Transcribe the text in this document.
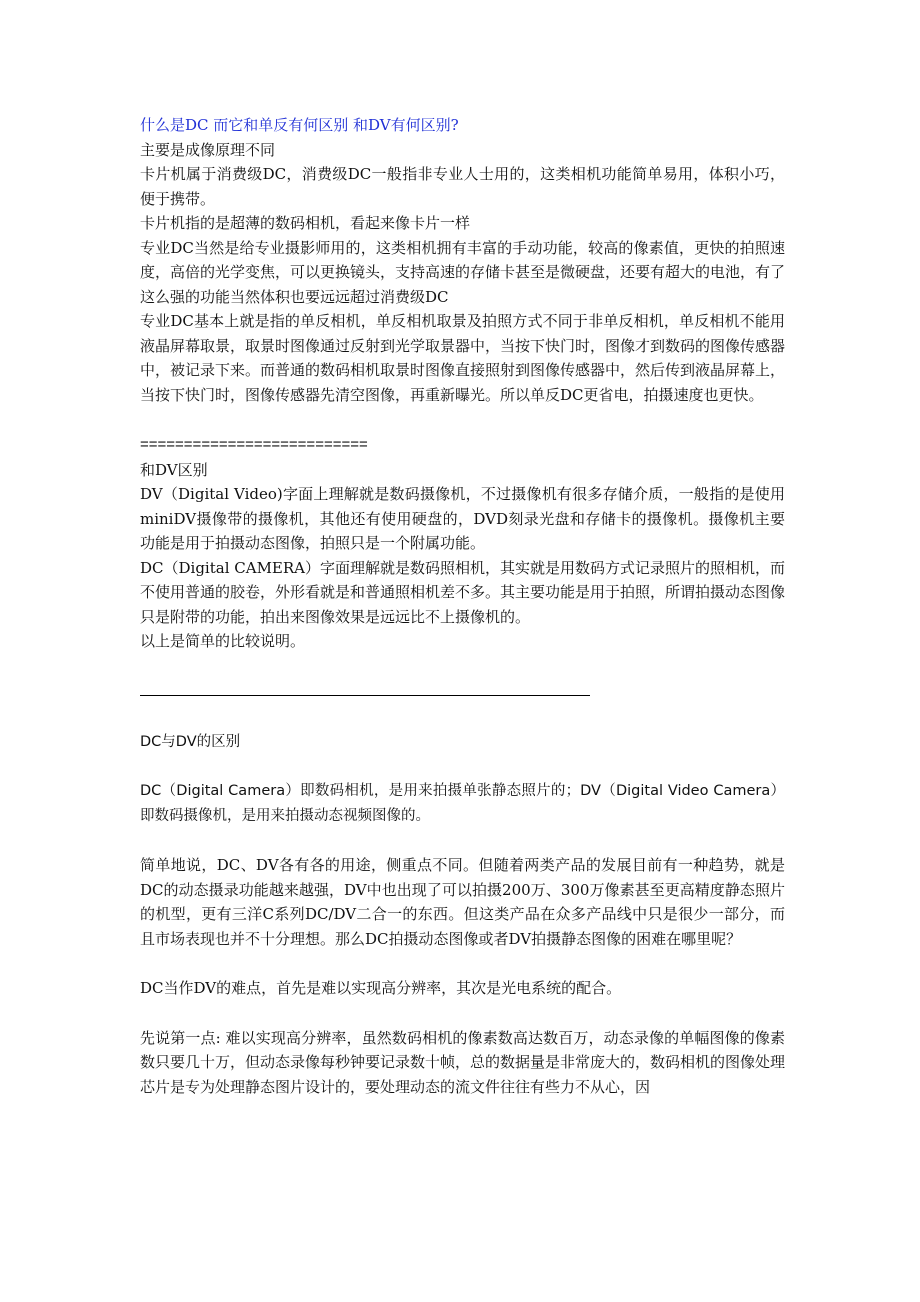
什么是DC 而它和单反有何区别 和DV有何区别?

主要是成像原理不同

卡片机属于消费级DC，消费级DC一般指非专业人士用的，这类相机功能简单易用，体积小巧，便于携带。

卡片机指的是超薄的数码相机，看起来像卡片一样

专业DC当然是给专业摄影师用的，这类相机拥有丰富的手动功能，较高的像素值，更快的拍照速度，高倍的光学变焦，可以更换镜头，支持高速的存储卡甚至是微硬盘，还要有超大的电池，有了这么强的功能当然体积也要远远超过消费级DC

专业DC基本上就是指的单反相机，单反相机取景及拍照方式不同于非单反相机，单反相机不能用液晶屏幕取景，取景时图像通过反射到光学取景器中，当按下快门时，图像才到数码的图像传感器中，被记录下来。而普通的数码相机取景时图像直接照射到图像传感器中，然后传到液晶屏幕上，当按下快门时，图像传感器先清空图像，再重新曝光。所以单反DC更省电，拍摄速度也更快。

==========================

和DV区别

DV（Digital Video)字面上理解就是数码摄像机，不过摄像机有很多存储介质，一般指的是使用miniDV摄像带的摄像机，其他还有使用硬盘的，DVD刻录光盘和存储卡的摄像机。摄像机主要功能是用于拍摄动态图像，拍照只是一个附属功能。

DC（Digital CAMERA）字面理解就是数码照相机，其实就是用数码方式记录照片的照相机，而不使用普通的胶卷，外形看就是和普通照相机差不多。其主要功能是用于拍照，所谓拍摄动态图像只是附带的功能，拍出来图像效果是远远比不上摄像机的。

以上是简单的比较说明。

DC与DV的区别

DC（Digital Camera）即数码相机，是用来拍摄单张静态照片的；DV（Digital Video Camera）即数码摄像机，是用来拍摄动态视频图像的。

简单地说，DC、DV各有各的用途，侧重点不同。但随着两类产品的发展目前有一种趋势，就是DC的动态摄录功能越来越强，DV中也出现了可以拍摄200万、300万像素甚至更高精度静态照片的机型，更有三洋C系列DC/DV二合一的东西。但这类产品在众多产品线中只是很少一部分，而且市场表现也并不十分理想。那么DC拍摄动态图像或者DV拍摄静态图像的困难在哪里呢？

DC当作DV的难点，首先是难以实现高分辨率，其次是光电系统的配合。

先说第一点: 难以实现高分辨率，虽然数码相机的像素数高达数百万，动态录像的单幅图像的像素数只要几十万，但动态录像每秒钟要记录数十帧，总的数据量是非常庞大的，数码相机的图像处理芯片是专为处理静态图片设计的，要处理动态的流文件往往有些力不从心，因
